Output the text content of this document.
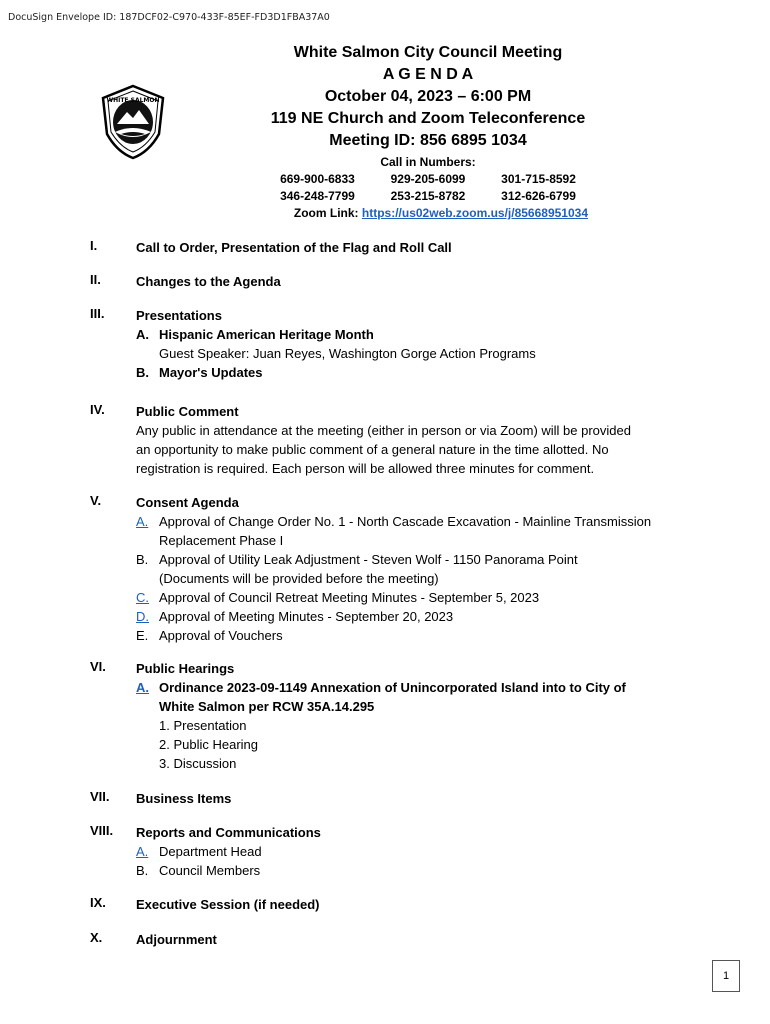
DocuSign Envelope ID: 187DCF02-C970-433F-85EF-FD3D1FBA37A0
WHITE SALMON
White Salmon City Council Meeting
A G E N D A
October 04, 2023 – 6:00 PM
119 NE Church and Zoom Teleconference
Meeting ID: 856 6895 1034
Call in Numbers:
669-900-6833	929-205-6099	301-715-8592
346-248-7799	253-215-8782	312-626-6799
Zoom Link: https://us02web.zoom.us/j/85668951034
I.	Call to Order, Presentation of the Flag and Roll Call
II.	Changes to the Agenda
III. Presentations
A. Hispanic American Heritage Month
Guest Speaker: Juan Reyes, Washington Gorge Action Programs
B. Mayor's Updates
IV. Public Comment
Any public in attendance at the meeting (either in person or via Zoom) will be provided
an opportunity to make public comment of a general nature in the time allotted. No
registration is required. Each person will be allowed three minutes for comment.
V.	Consent Agenda
A. Approval of Change Order No. 1 - North Cascade Excavation - Mainline Transmission
Replacement Phase I
B. Approval of Utility Leak Adjustment - Steven Wolf - 1150 Panorama Point
(Documents will be provided before the meeting)
C. Approval of Council Retreat Meeting Minutes - September 5, 2023
D. Approval of Meeting Minutes - September 20, 2023
E. Approval of Vouchers
VI. Public Hearings
A. Ordinance 2023-09-1149 Annexation of Unincorporated Island into to City of
White Salmon per RCW 35A.14.295
1. Presentation
2. Public Hearing
3. Discussion
VII. Business Items
VIII. Reports and Communications
A. Department Head
B. Council Members
IX. Executive Session (if needed)
X.	Adjournment
1
